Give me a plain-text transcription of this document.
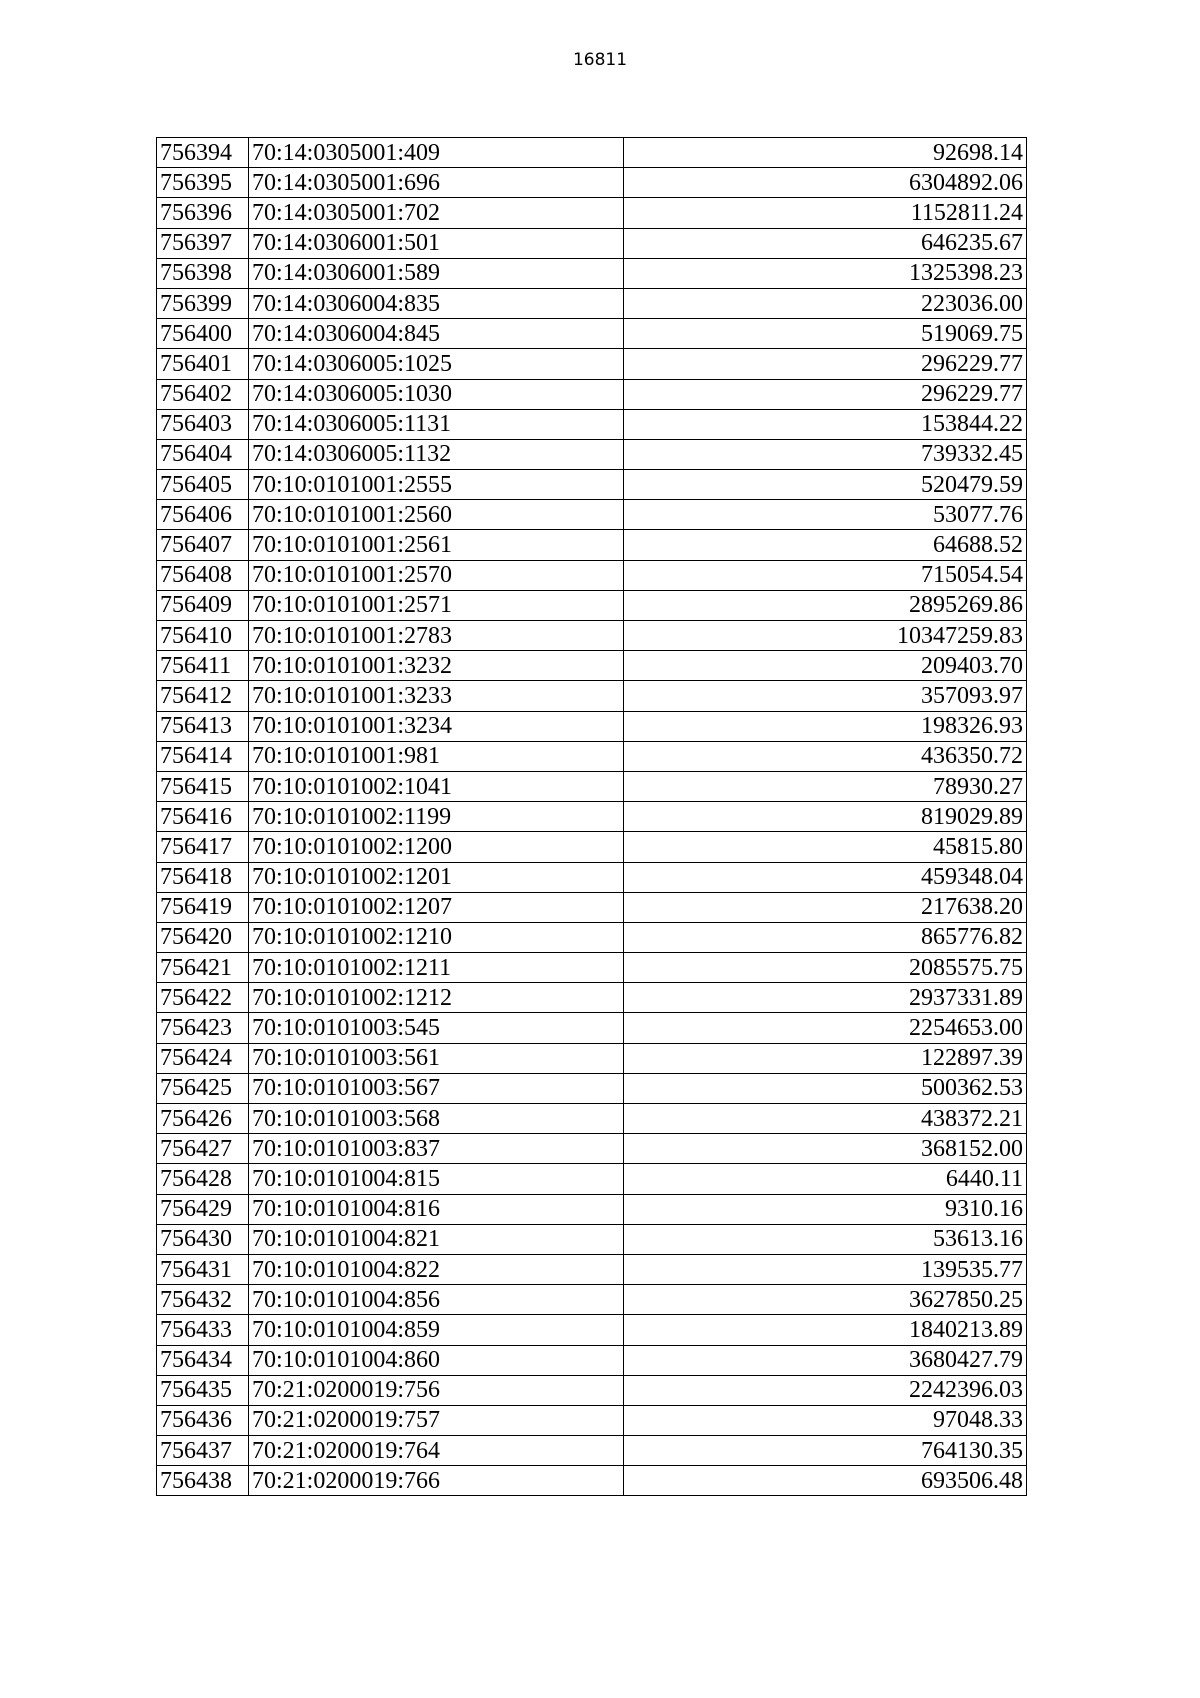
16811
756394	70:14:0305001:409	92698.14
756395	70:14:0305001:696	6304892.06
756396	70:14:0305001:702	1152811.24
756397	70:14:0306001:501	646235.67
756398	70:14:0306001:589	1325398.23
756399	70:14:0306004:835	223036.00
756400	70:14:0306004:845	519069.75
756401	70:14:0306005:1025	296229.77
756402	70:14:0306005:1030	296229.77
756403	70:14:0306005:1131	153844.22
756404	70:14:0306005:1132	739332.45
756405	70:10:0101001:2555	520479.59
756406	70:10:0101001:2560	53077.76
756407	70:10:0101001:2561	64688.52
756408	70:10:0101001:2570	715054.54
756409	70:10:0101001:2571	2895269.86
756410	70:10:0101001:2783	10347259.83
756411	70:10:0101001:3232	209403.70
756412	70:10:0101001:3233	357093.97
756413	70:10:0101001:3234	198326.93
756414	70:10:0101001:981	436350.72
756415	70:10:0101002:1041	78930.27
756416	70:10:0101002:1199	819029.89
756417	70:10:0101002:1200	45815.80
756418	70:10:0101002:1201	459348.04
756419	70:10:0101002:1207	217638.20
756420	70:10:0101002:1210	865776.82
756421	70:10:0101002:1211	2085575.75
756422	70:10:0101002:1212	2937331.89
756423	70:10:0101003:545	2254653.00
756424	70:10:0101003:561	122897.39
756425	70:10:0101003:567	500362.53
756426	70:10:0101003:568	438372.21
756427	70:10:0101003:837	368152.00
756428	70:10:0101004:815	6440.11
756429	70:10:0101004:816	9310.16
756430	70:10:0101004:821	53613.16
756431	70:10:0101004:822	139535.77
756432	70:10:0101004:856	3627850.25
756433	70:10:0101004:859	1840213.89
756434	70:10:0101004:860	3680427.79
756435	70:21:0200019:756	2242396.03
756436	70:21:0200019:757	97048.33
756437	70:21:0200019:764	764130.35
756438	70:21:0200019:766	693506.48
